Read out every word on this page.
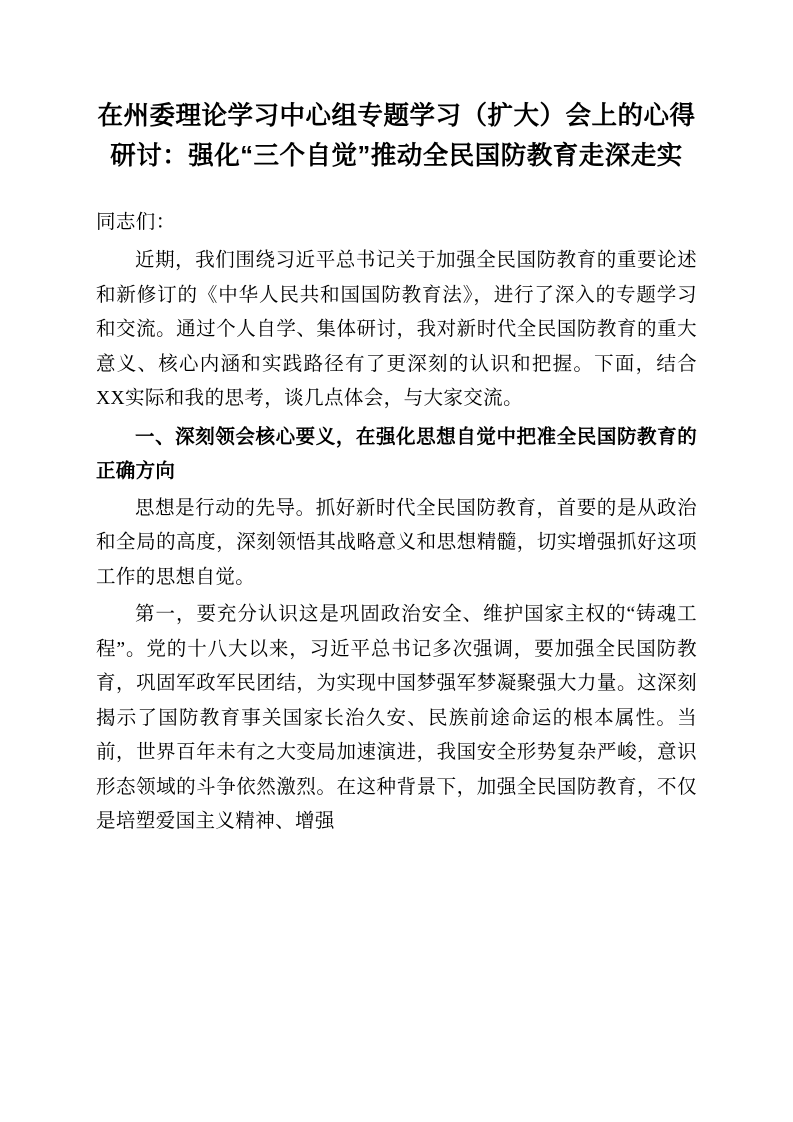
在州委理论学习中心组专题学习（扩大）会上的心得研讨：强化“三个自觉”推动全民国防教育走深走实

同志们：

近期，我们围绕习近平总书记关于加强全民国防教育的重要论述和新修订的《中华人民共和国国防教育法》，进行了深入的专题学习和交流。通过个人自学、集体研讨，我对新时代全民国防教育的重大意义、核心内涵和实践路径有了更深刻的认识和把握。下面，结合XX实际和我的思考，谈几点体会，与大家交流。

一、深刻领会核心要义，在强化思想自觉中把准全民国防教育的正确方向

思想是行动的先导。抓好新时代全民国防教育，首要的是从政治和全局的高度，深刻领悟其战略意义和思想精髓，切实增强抓好这项工作的思想自觉。

第一，要充分认识这是巩固政治安全、维护国家主权的“铸魂工程”。党的十八大以来，习近平总书记多次强调，要加强全民国防教育，巩固军政军民团结，为实现中国梦强军梦凝聚强大力量。这深刻揭示了国防教育事关国家长治久安、民族前途命运的根本属性。当前，世界百年未有之大变局加速演进，我国安全形势复杂严峻，意识形态领域的斗争依然激烈。在这种背景下，加强全民国防教育，不仅是培塑爱国主义精神、增强
